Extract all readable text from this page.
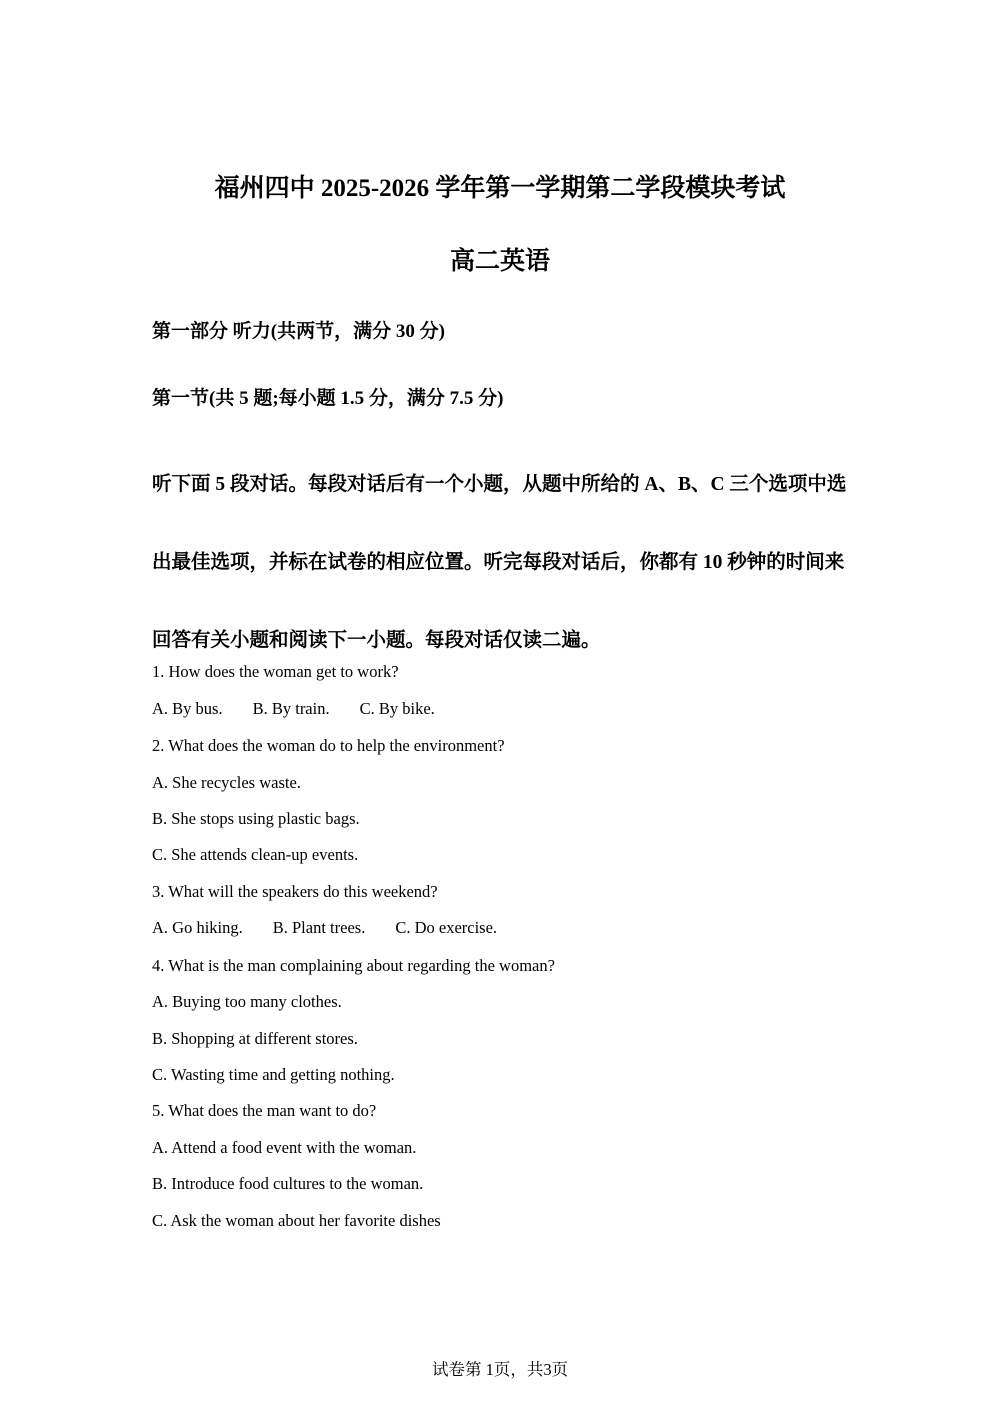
福州四中 2025-2026 学年第一学期第二学段模块考试
高二英语
第一部分 听力(共两节，满分 30 分)
第一节(共 5 题;每小题 1.5 分，满分 7.5 分)

听下面 5 段对话。每段对话后有一个小题，从题中所给的 A、B、C 三个选项中选出最佳选项，并标在试卷的相应位置。听完每段对话后，你都有 10 秒钟的时间来回答有关小题和阅读下一小题。每段对话仅读二遍。

1. How does the woman get to work?
A. By bus. B. By train. C. By bike.
2. What does the woman do to help the environment?
A. She recycles waste.
B. She stops using plastic bags.
C. She attends clean-up events.
3. What will the speakers do this weekend?
A. Go hiking. B. Plant trees. C. Do exercise.
4. What is the man complaining about regarding the woman?
A. Buying too many clothes.
B. Shopping at different stores.
C. Wasting time and getting nothing.
5. What does the man want to do?
A. Attend a food event with the woman.
B. Introduce food cultures to the woman.
C. Ask the woman about her favorite dishes
试卷第 1页，共3页
